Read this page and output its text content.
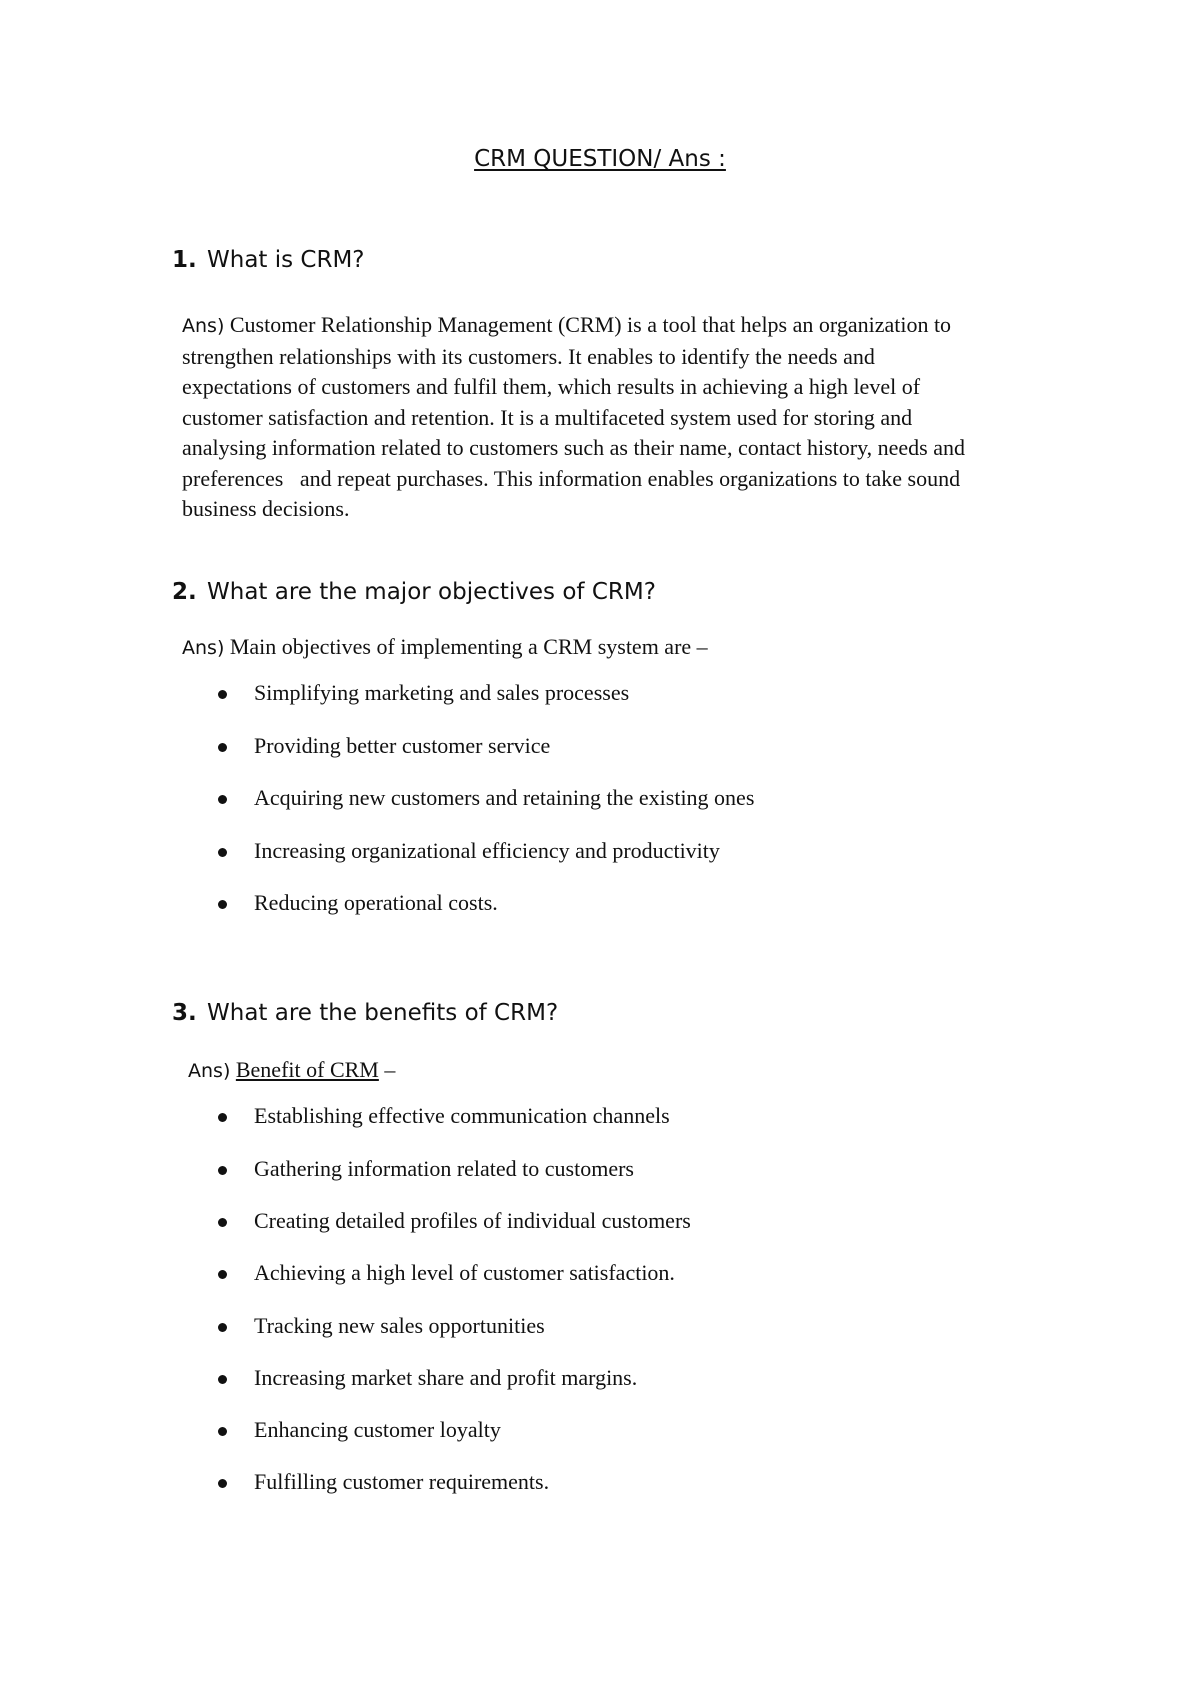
CRM QUESTION/ Ans :
1. What is CRM?
Ans) Customer Relationship Management (CRM) is a tool that helps an organization to
strengthen relationships with its customers. It enables to identify the needs and
expectations of customers and fulfil them, which results in achieving a high level of
customer satisfaction and retention. It is a multifaceted system used for storing and
analysing information related to customers such as their name, contact history, needs and
preferences   and repeat purchases. This information enables organizations to take sound
business decisions.
2. What are the major objectives of CRM?
Ans) Main objectives of implementing a CRM system are –
Simplifying marketing and sales processes
Providing better customer service
Acquiring new customers and retaining the existing ones
Increasing organizational efficiency and productivity
Reducing operational costs.
3. What are the benefits of CRM?
Ans) Benefit of CRM –
Establishing effective communication channels
Gathering information related to customers
Creating detailed profiles of individual customers
Achieving a high level of customer satisfaction.
Tracking new sales opportunities
Increasing market share and profit margins.
Enhancing customer loyalty
Fulfilling customer requirements.
